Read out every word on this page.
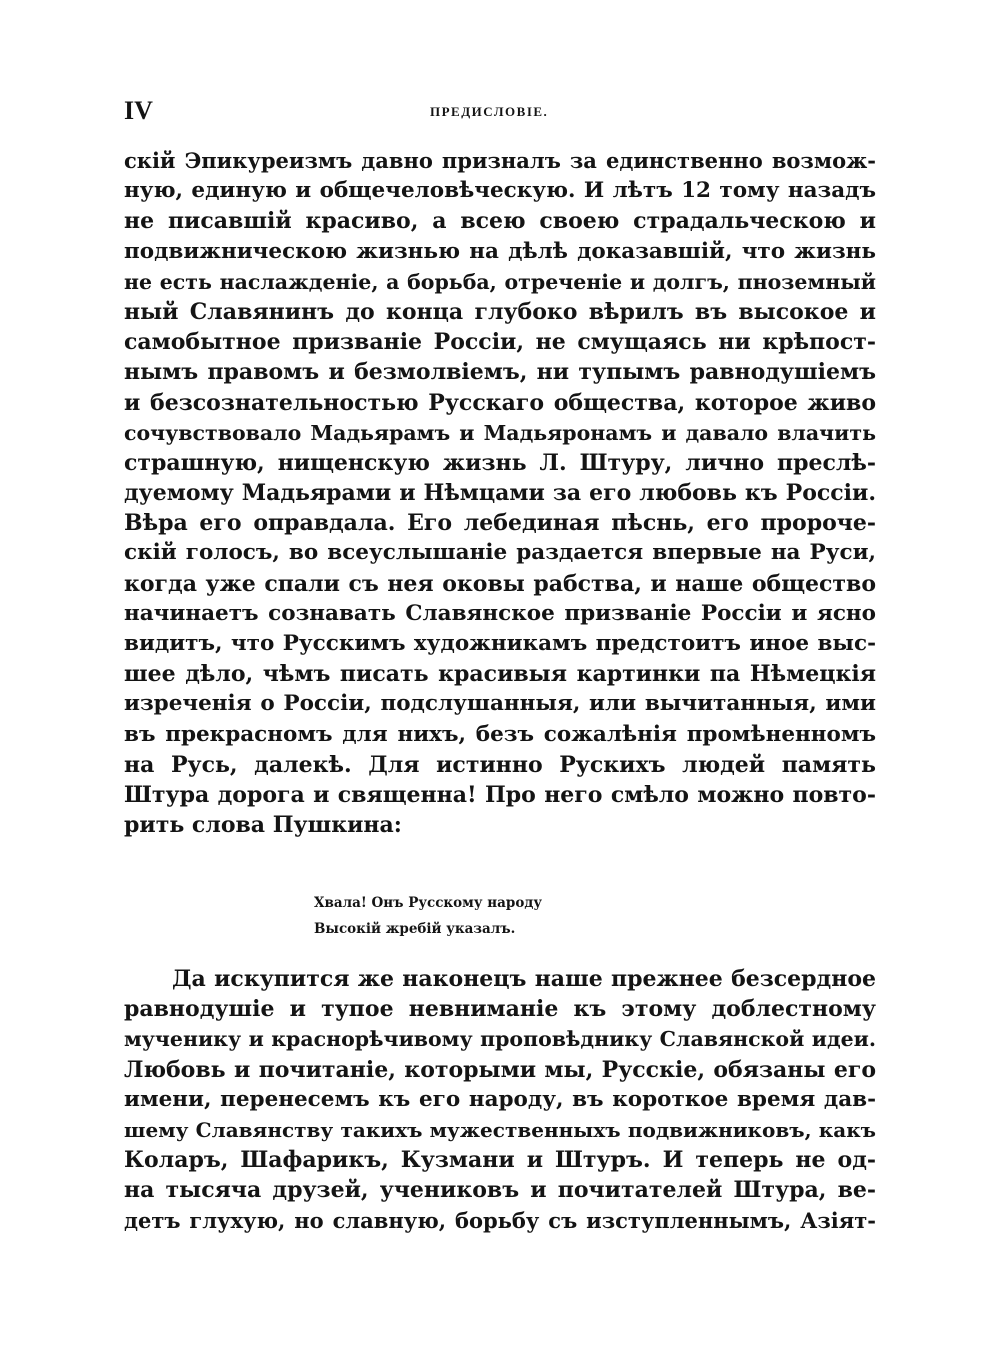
IV	ПРЕДИСЛОВІЕ.
скій Эпикуреизмъ давно призналъ за единственно возмож-
ную, единую и общечеловѣческую. И лѣтъ 12 тому назадъ
не писавшій красиво, а всею своею страдальческою и
подвижническою жизнью на дѣлѣ доказавшій, что жизнь
не есть наслажденіе, а борьба, отреченіе и долгъ, пноземный
ный Славянинъ до конца глубоко вѣрилъ въ высокое и
самобытное призваніе Россіи, не смущаясь ни крѣпост-
нымъ правомъ и безмолвіемъ, ни тупымъ равнодушіемъ
и безсознательностью Русскаго общества, которое живо
сочувствовало Мадьярамъ и Мадьяронамъ и давало влачить
страшную, нищенскую жизнь Л. Штуру, лично преслѣ-
дуемому Мадьярами и Нѣмцами за его любовь къ Россіи.
Вѣра его оправдала. Его лебединая пѣснь, его пророче-
скій голосъ, во всеуслышаніе раздается впервые на Руси,
когда уже спали съ нея оковы рабства, и наше общество
начинаетъ сознавать Славянское призваніе Россіи и ясно
видитъ, что Русскимъ художникамъ предстоитъ иное выс-
шее дѣло, чѣмъ писать красивыя картинки па Нѣмецкія
изреченія о Россіи, подслушанныя, или вычитанныя, ими
въ прекрасномъ для нихъ, безъ сожалѣнія промѣненномъ
на Русь, далекѣ. Для истинно Рускихъ людей память
Штура дорога и священна! Про него смѣло можно повто-
рить слова Пушкина:
Хвала! Онъ Русскому народу
Высокій жребій указалъ.
Да искупится же наконецъ наше прежнее безсердное
равнодушіе и тупое невниманіе къ этому доблестному
мученику и краснорѣчивому проповѣднику Славянской идеи.
Любовь и почитаніе, которыми мы, Русскіе, обязаны его
имени, перенесемъ къ его народу, въ короткое время дав-
шему Славянству такихъ мужественныхъ подвижниковъ, какъ
Коларъ, Шафарикъ, Кузмани и Штуръ. И теперь не од-
на тысяча друзей, учениковъ и почитателей Штура, ве-
детъ глухую, но славную, борьбу съ изступленнымъ, Азіят-
